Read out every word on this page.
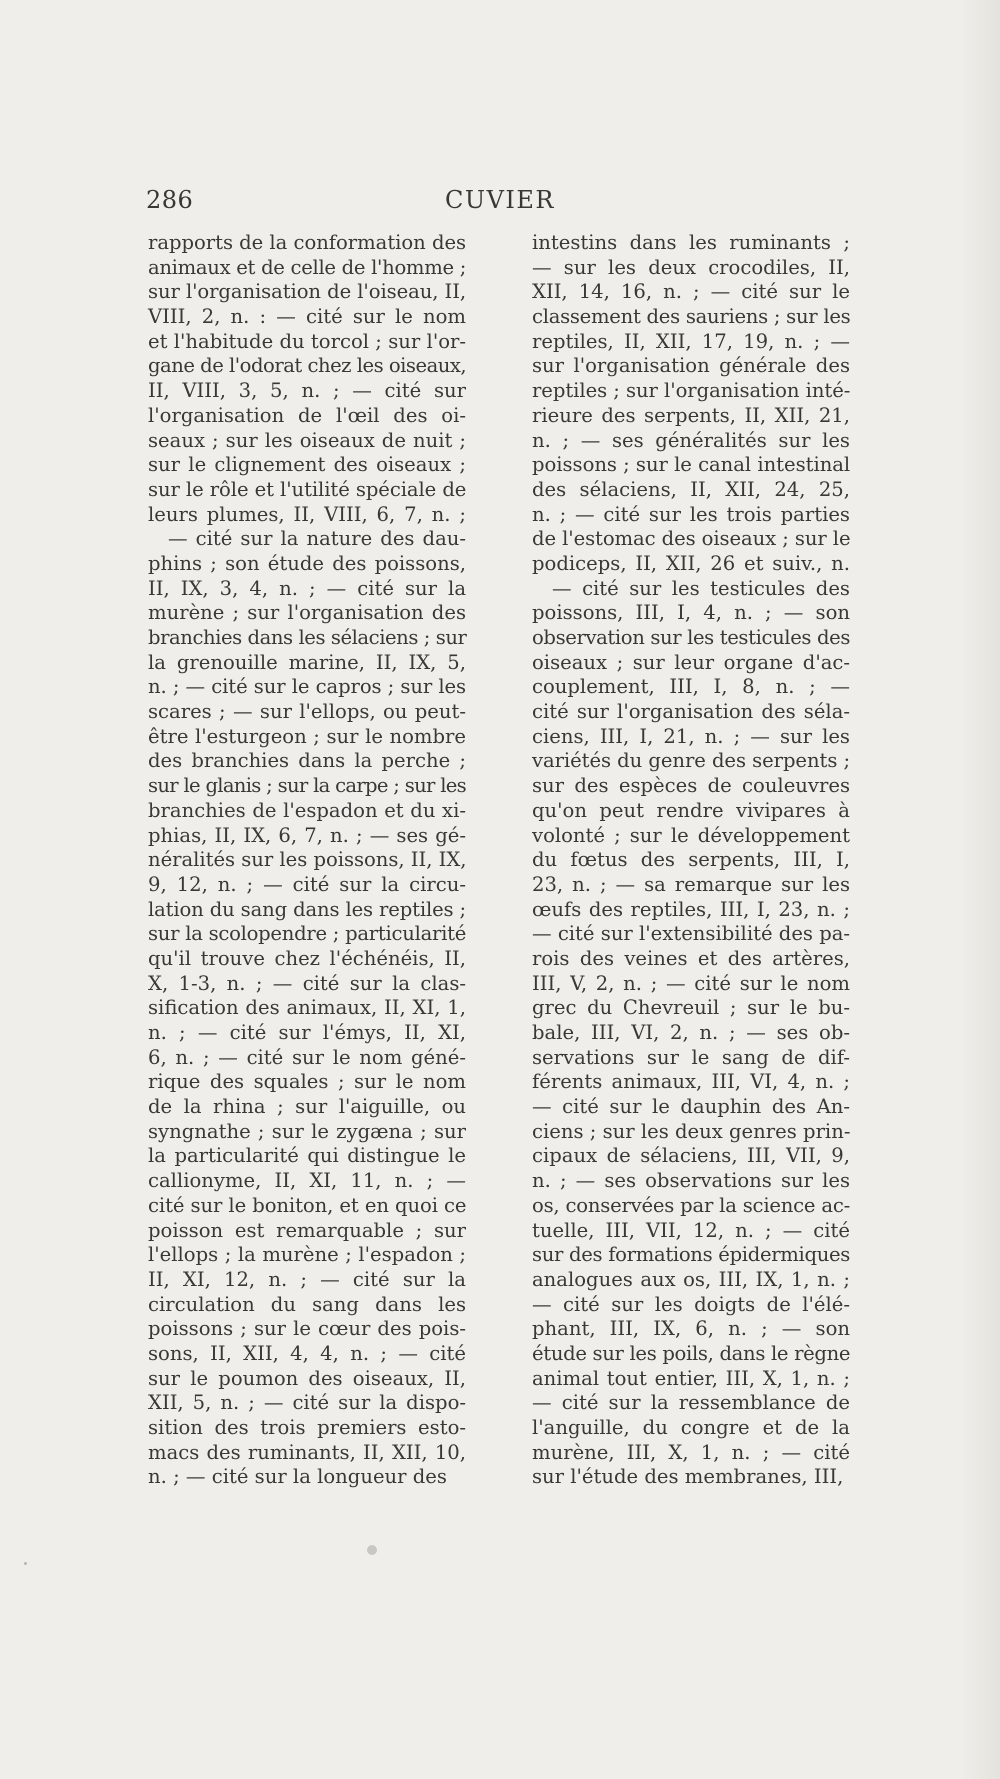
286	CUVIER
rapports de la conformation des
animaux et de celle de l'homme ;
sur l'organisation de l'oiseau, II,
VIII, 2, n. : — cité sur le nom
et l'habitude du torcol ; sur l'or-
gane de l'odorat chez les oiseaux,
II, VIII, 3, 5, n. ; — cité sur
l'organisation de l'œil des oi-
seaux ; sur les oiseaux de nuit ;
sur le clignement des oiseaux ;
sur le rôle et l'utilité spéciale de
leurs plumes, II, VIII, 6, 7, n. ;
— cité sur la nature des dau-
phins ; son étude des poissons,
II, IX, 3, 4, n. ; — cité sur la
murène ; sur l'organisation des
branchies dans les sélaciens ; sur
la grenouille marine, II, IX, 5,
n. ; — cité sur le capros ; sur les
scares ; — sur l'ellops, ou peut-
être l'esturgeon ; sur le nombre
des branchies dans la perche ;
sur le glanis ; sur la carpe ; sur les
branchies de l'espadon et du xi-
phias, II, IX, 6, 7, n. ; — ses gé-
néralités sur les poissons, II, IX,
9, 12, n. ; — cité sur la circu-
lation du sang dans les reptiles ;
sur la scolopendre ; particularité
qu'il trouve chez l'échénéis, II,
X, 1-3, n. ; — cité sur la clas-
sification des animaux, II, XI, 1,
n. ; — cité sur l'émys, II, XI,
6, n. ; — cité sur le nom géné-
rique des squales ; sur le nom
de la rhina ; sur l'aiguille, ou
syngnathe ; sur le zygæna ; sur
la particularité qui distingue le
callionyme, II, XI, 11, n. ; —
cité sur le boniton, et en quoi ce
poisson est remarquable ; sur
l'ellops ; la murène ; l'espadon ;
II, XI, 12, n. ; — cité sur la
circulation du sang dans les
poissons ; sur le cœur des pois-
sons, II, XII, 4, 4, n. ; — cité
sur le poumon des oiseaux, II,
XII, 5, n. ; — cité sur la dispo-
sition des trois premiers esto-
macs des ruminants, II, XII, 10,
n. ; — cité sur la longueur des
intestins dans les ruminants ;
— sur les deux crocodiles, II,
XII, 14, 16, n. ; — cité sur le
classement des sauriens ; sur les
reptiles, II, XII, 17, 19, n. ; —
sur l'organisation générale des
reptiles ; sur l'organisation inté-
rieure des serpents, II, XII, 21,
n. ; — ses généralités sur les
poissons ; sur le canal intestinal
des sélaciens, II, XII, 24, 25,
n. ; — cité sur les trois parties
de l'estomac des oiseaux ; sur le
podiceps, II, XII, 26 et suiv., n.
— cité sur les testicules des
poissons, III, I, 4, n. ; — son
observation sur les testicules des
oiseaux ; sur leur organe d'ac-
couplement, III, I, 8, n. ; —
cité sur l'organisation des séla-
ciens, III, I, 21, n. ; — sur les
variétés du genre des serpents ;
sur des espèces de couleuvres
qu'on peut rendre vivipares à
volonté ; sur le développement
du fœtus des serpents, III, I,
23, n. ; — sa remarque sur les
œufs des reptiles, III, I, 23, n. ;
— cité sur l'extensibilité des pa-
rois des veines et des artères,
III, V, 2, n. ; — cité sur le nom
grec du Chevreuil ; sur le bu-
bale, III, VI, 2, n. ; — ses ob-
servations sur le sang de dif-
férents animaux, III, VI, 4, n. ;
— cité sur le dauphin des An-
ciens ; sur les deux genres prin-
cipaux de sélaciens, III, VII, 9,
n. ; — ses observations sur les
os, conservées par la science ac-
tuelle, III, VII, 12, n. ; — cité
sur des formations épidermiques
analogues aux os, III, IX, 1, n. ;
— cité sur les doigts de l'élé-
phant, III, IX, 6, n. ; — son
étude sur les poils, dans le règne
animal tout entier, III, X, 1, n. ;
— cité sur la ressemblance de
l'anguille, du congre et de la
murène, III, X, 1, n. ; — cité
sur l'étude des membranes, III,
